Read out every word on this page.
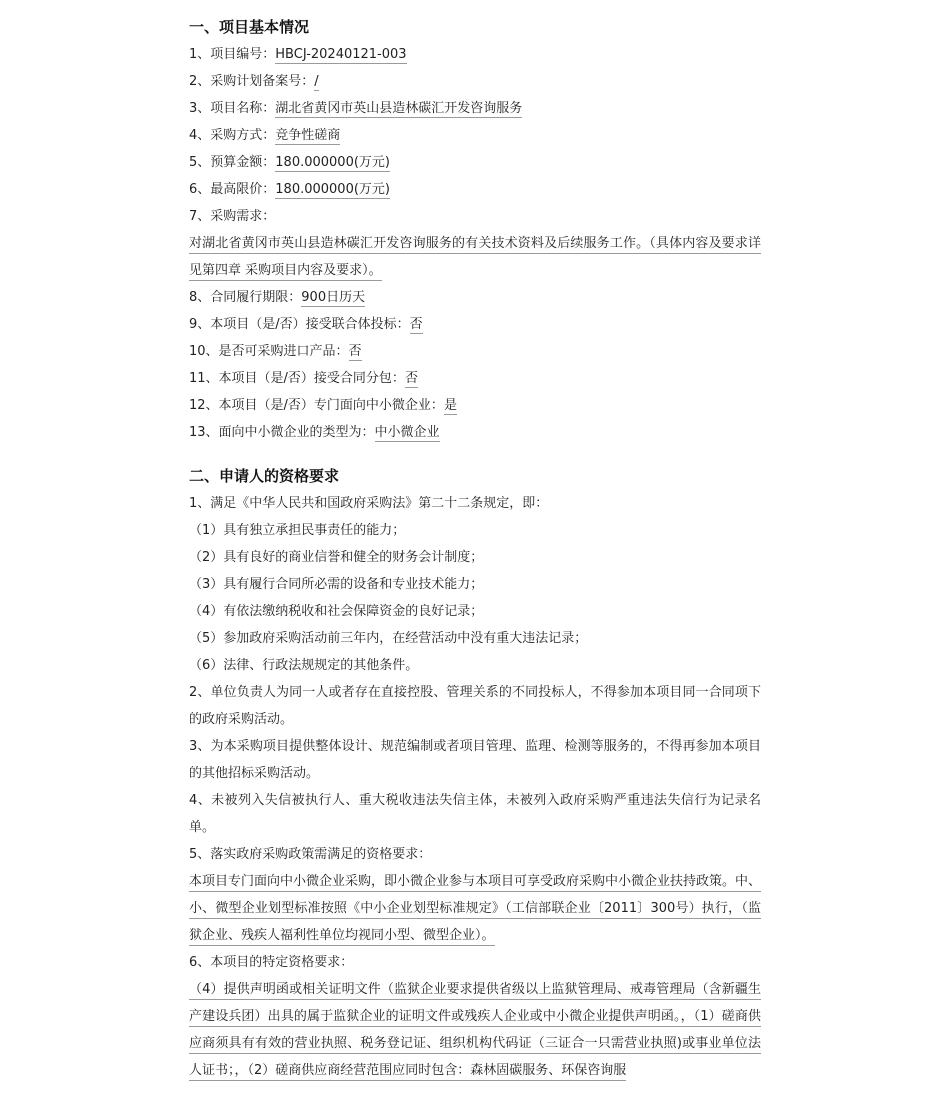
一、项目基本情况

1、项目编号：HBCJ-20240121-003

2、采购计划备案号：/

3、项目名称：湖北省黄冈市英山县造林碳汇开发咨询服务

4、采购方式：竞争性磋商

5、预算金额：180.000000(万元)

6、最高限价：180.000000(万元)

7、采购需求：

对湖北省黄冈市英山县造林碳汇开发咨询服务的有关技术资料及后续服务工作。（具体内容及要求详见第四章 采购项目内容及要求）。

8、合同履行期限：900日历天

9、本项目（是/否）接受联合体投标：否

10、是否可采购进口产品：否

11、本项目（是/否）接受合同分包：否

12、本项目（是/否）专门面向中小微企业：是

13、面向中小微企业的类型为：中小微企业

二、申请人的资格要求

1、满足《中华人民共和国政府采购法》第二十二条规定，即：

（1）具有独立承担民事责任的能力；

（2）具有良好的商业信誉和健全的财务会计制度；

（3）具有履行合同所必需的设备和专业技术能力；

（4）有依法缴纳税收和社会保障资金的良好记录；

（5）参加政府采购活动前三年内，在经营活动中没有重大违法记录；

（6）法律、行政法规规定的其他条件。

2、单位负责人为同一人或者存在直接控股、管理关系的不同投标人，不得参加本项目同一合同项下的政府采购活动。

3、为本采购项目提供整体设计、规范编制或者项目管理、监理、检测等服务的，不得再参加本项目的其他招标采购活动。

4、未被列入失信被执行人、重大税收违法失信主体，未被列入政府采购严重违法失信行为记录名单。

5、落实政府采购政策需满足的资格要求：

本项目专门面向中小微企业采购，即小微企业参与本项目可享受政府采购中小微企业扶持政策。中、小、微型企业划型标准按照《中小企业划型标准规定》（工信部联企业〔2011〕300号）执行，（监狱企业、残疾人福利性单位均视同小型、微型企业）。

6、本项目的特定资格要求：

（4）提供声明函或相关证明文件（监狱企业要求提供省级以上监狱管理局、戒毒管理局（含新疆生产建设兵团）出具的属于监狱企业的证明文件或残疾人企业或中小微企业提供声明函。，（1）磋商供应商须具有有效的营业执照、税务登记证、组织机构代码证（三证合一只需营业执照)或事业单位法人证书；，（2）磋商供应商经营范围应同时包含：森林固碳服务、环保咨询服
